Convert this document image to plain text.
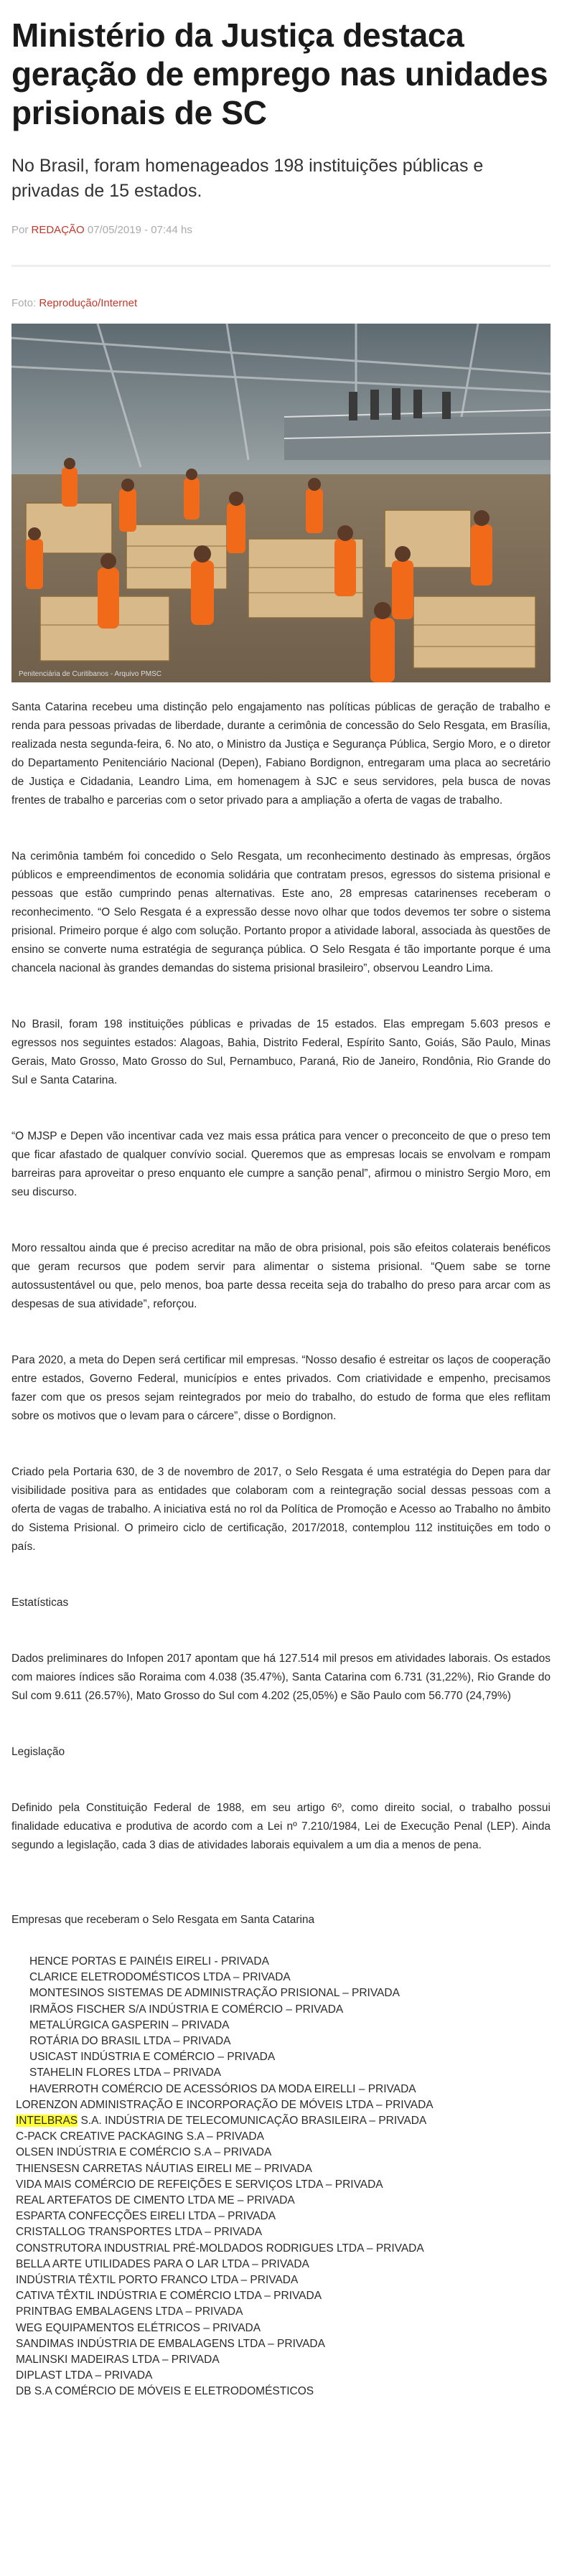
Ministério da Justiça destaca geração de emprego nas unidades prisionais de SC

No Brasil, foram homenageados 198 instituições públicas e privadas de 15 estados.

Por REDAÇÃO 07/05/2019 - 07:44 hs
Foto: Reprodução/Internet
Penitenciária de Curitibanos - Arquivo PMSC

Santa Catarina recebeu uma distinção pelo engajamento nas políticas públicas de geração de trabalho e renda para pessoas privadas de liberdade, durante a cerimônia de concessão do Selo Resgata, em Brasília, realizada nesta segunda-feira, 6. No ato, o Ministro da Justiça e Segurança Pública, Sergio Moro, e o diretor do Departamento Penitenciário Nacional (Depen), Fabiano Bordignon, entregaram uma placa ao secretário de Justiça e Cidadania, Leandro Lima, em homenagem à SJC e seus servidores, pela busca de novas frentes de trabalho e parcerias com o setor privado para a ampliação a oferta de vagas de trabalho.

Na cerimônia também foi concedido o Selo Resgata, um reconhecimento destinado às empresas, órgãos públicos e empreendimentos de economia solidária que contratam presos, egressos do sistema prisional e pessoas que estão cumprindo penas alternativas. Este ano, 28 empresas catarinenses receberam o reconhecimento. “O Selo Resgata é a expressão desse novo olhar que todos devemos ter sobre o sistema prisional. Primeiro porque é algo com solução. Portanto propor a atividade laboral, associada às questões de ensino se converte numa estratégia de segurança pública. O Selo Resgata é tão importante porque é uma chancela nacional às grandes demandas do sistema prisional brasileiro”, observou Leandro Lima.

No Brasil, foram 198 instituições públicas e privadas de 15 estados. Elas empregam 5.603 presos e egressos nos seguintes estados: Alagoas, Bahia, Distrito Federal, Espírito Santo, Goiás, São Paulo, Minas Gerais, Mato Grosso, Mato Grosso do Sul, Pernambuco, Paraná, Rio de Janeiro, Rondônia, Rio Grande do Sul e Santa Catarina.

“O MJSP e Depen vão incentivar cada vez mais essa prática para vencer o preconceito de que o preso tem que ficar afastado de qualquer convívio social. Queremos que as empresas locais se envolvam e rompam barreiras para aproveitar o preso enquanto ele cumpre a sanção penal”, afirmou o ministro Sergio Moro, em seu discurso.

Moro ressaltou ainda que é preciso acreditar na mão de obra prisional, pois são efeitos colaterais benéficos que geram recursos que podem servir para alimentar o sistema prisional. “Quem sabe se torne autossustentável ou que, pelo menos, boa parte dessa receita seja do trabalho do preso para arcar com as despesas de sua atividade”, reforçou.

Para 2020, a meta do Depen será certificar mil empresas. “Nosso desafio é estreitar os laços de cooperação entre estados, Governo Federal, municípios e entes privados. Com criatividade e empenho, precisamos fazer com que os presos sejam reintegrados por meio do trabalho, do estudo de forma que eles reflitam sobre os motivos que o levam para o cárcere”, disse o Bordignon.

Criado pela Portaria 630, de 3 de novembro de 2017, o Selo Resgata é uma estratégia do Depen para dar visibilidade positiva para as entidades que colaboram com a reintegração social dessas pessoas com a oferta de vagas de trabalho. A iniciativa está no rol da Política de Promoção e Acesso ao Trabalho no âmbito do Sistema Prisional. O primeiro ciclo de certificação, 2017/2018, contemplou 112 instituições em todo o país.

Estatísticas

Dados preliminares do Infopen 2017 apontam que há 127.514 mil presos em atividades laborais. Os estados com maiores índices são Roraima com 4.038 (35.47%), Santa Catarina com 6.731 (31,22%), Rio Grande do Sul com 9.611 (26.57%), Mato Grosso do Sul com 4.202 (25,05%) e São Paulo com 56.770 (24,79%)

Legislação

Definido pela Constituição Federal de 1988, em seu artigo 6º, como direito social, o trabalho possui finalidade educativa e produtiva de acordo com a Lei nº 7.210/1984, Lei de Execução Penal (LEP). Ainda segundo a legislação, cada 3 dias de atividades laborais equivalem a um dia a menos de pena.

Empresas que receberam o Selo Resgata em Santa Catarina

HENCE PORTAS E PAINÉIS EIRELI - PRIVADA
CLARICE ELETRODOMÉSTICOS LTDA – PRIVADA
MONTESINOS SISTEMAS DE ADMINISTRAÇÃO PRISIONAL – PRIVADA
IRMÃOS FISCHER S/A INDÚSTRIA E COMÉRCIO – PRIVADA
METALÚRGICA GASPERIN – PRIVADA
ROTÁRIA DO BRASIL LTDA – PRIVADA
USICAST INDÚSTRIA E COMÉRCIO – PRIVADA
STAHELIN FLORES LTDA – PRIVADA
HAVERROTH COMÉRCIO DE ACESSÓRIOS DA MODA EIRELLI – PRIVADA
LORENZON ADMINISTRAÇÃO E INCORPORAÇÃO DE MÓVEIS LTDA – PRIVADA
INTELBRAS S.A. INDÚSTRIA DE TELECOMUNICAÇÃO BRASILEIRA – PRIVADA
C-PACK CREATIVE PACKAGING S.A – PRIVADA
OLSEN INDÚSTRIA E COMÉRCIO S.A – PRIVADA
THIENSESN CARRETAS NÁUTIAS EIRELI ME – PRIVADA
VIDA MAIS COMÉRCIO DE REFEIÇÕES E SERVIÇOS LTDA – PRIVADA
REAL ARTEFATOS DE CIMENTO LTDA ME – PRIVADA
ESPARTA CONFECÇÕES EIRELI LTDA – PRIVADA
CRISTALLOG TRANSPORTES LTDA – PRIVADA
CONSTRUTORA INDUSTRIAL PRÉ-MOLDADOS RODRIGUES LTDA – PRIVADA
BELLA ARTE UTILIDADES PARA O LAR LTDA – PRIVADA
INDÚSTRIA TÊXTIL PORTO FRANCO LTDA – PRIVADA
CATIVA TÊXTIL INDÚSTRIA E COMÉRCIO LTDA – PRIVADA
PRINTBAG EMBALAGENS LTDA – PRIVADA
WEG EQUIPAMENTOS ELÉTRICOS – PRIVADA
SANDIMAS INDÚSTRIA DE EMBALAGENS LTDA – PRIVADA
MALINSKI MADEIRAS LTDA – PRIVADA
DIPLAST LTDA – PRIVADA
DB S.A COMÉRCIO DE MÓVEIS E ELETRODOMÉSTICOS
